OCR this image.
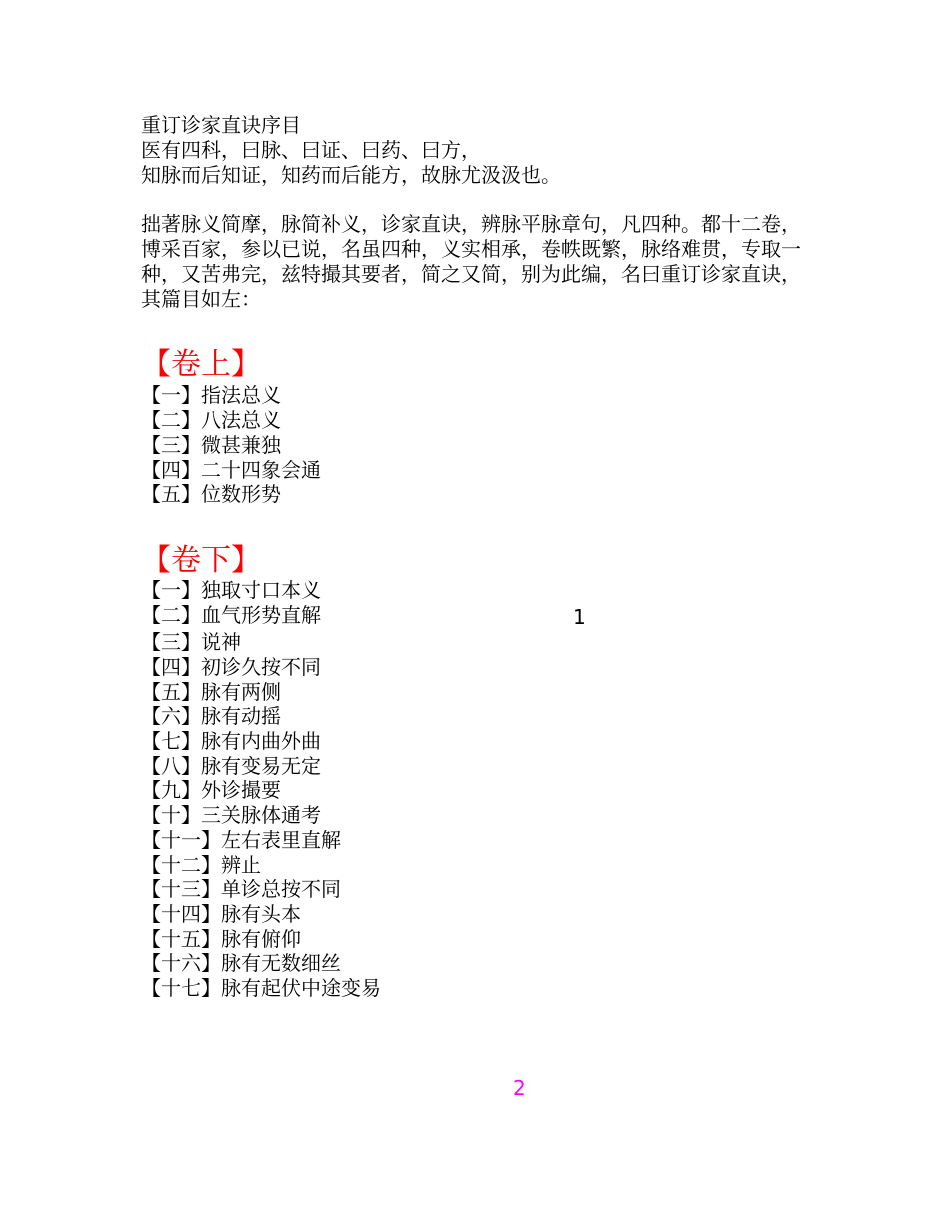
重订诊家直诀序目
医有四科，曰脉、曰证、曰药、曰方，
知脉而后知证，知药而后能方，故脉尤汲汲也。
拙著脉义简摩，脉简补义，诊家直诀，辨脉平脉章句，凡四种。都十二卷，
博采百家，参以已说，名虽四种，义实相承，卷帙既繁，脉络难贯，专取一
种，又苦弗完，兹特撮其要者，简之又简，别为此编，名曰重订诊家直诀，
其篇目如左：
【卷上】
【一】指法总义
【二】八法总义
【三】微甚兼独
【四】二十四象会通
【五】位数形势
【卷下】
【一】独取寸口本义
【二】血气形势直解
【三】说神
【四】初诊久按不同
【五】脉有两侧
【六】脉有动摇
【七】脉有内曲外曲
【八】脉有变易无定
【九】外诊撮要
【十】三关脉体通考
【十一】左右表里直解
【十二】辨止
【十三】单诊总按不同
【十四】脉有头本
【十五】脉有俯仰
【十六】脉有无数细丝
【十七】脉有起伏中途变易
1
2
